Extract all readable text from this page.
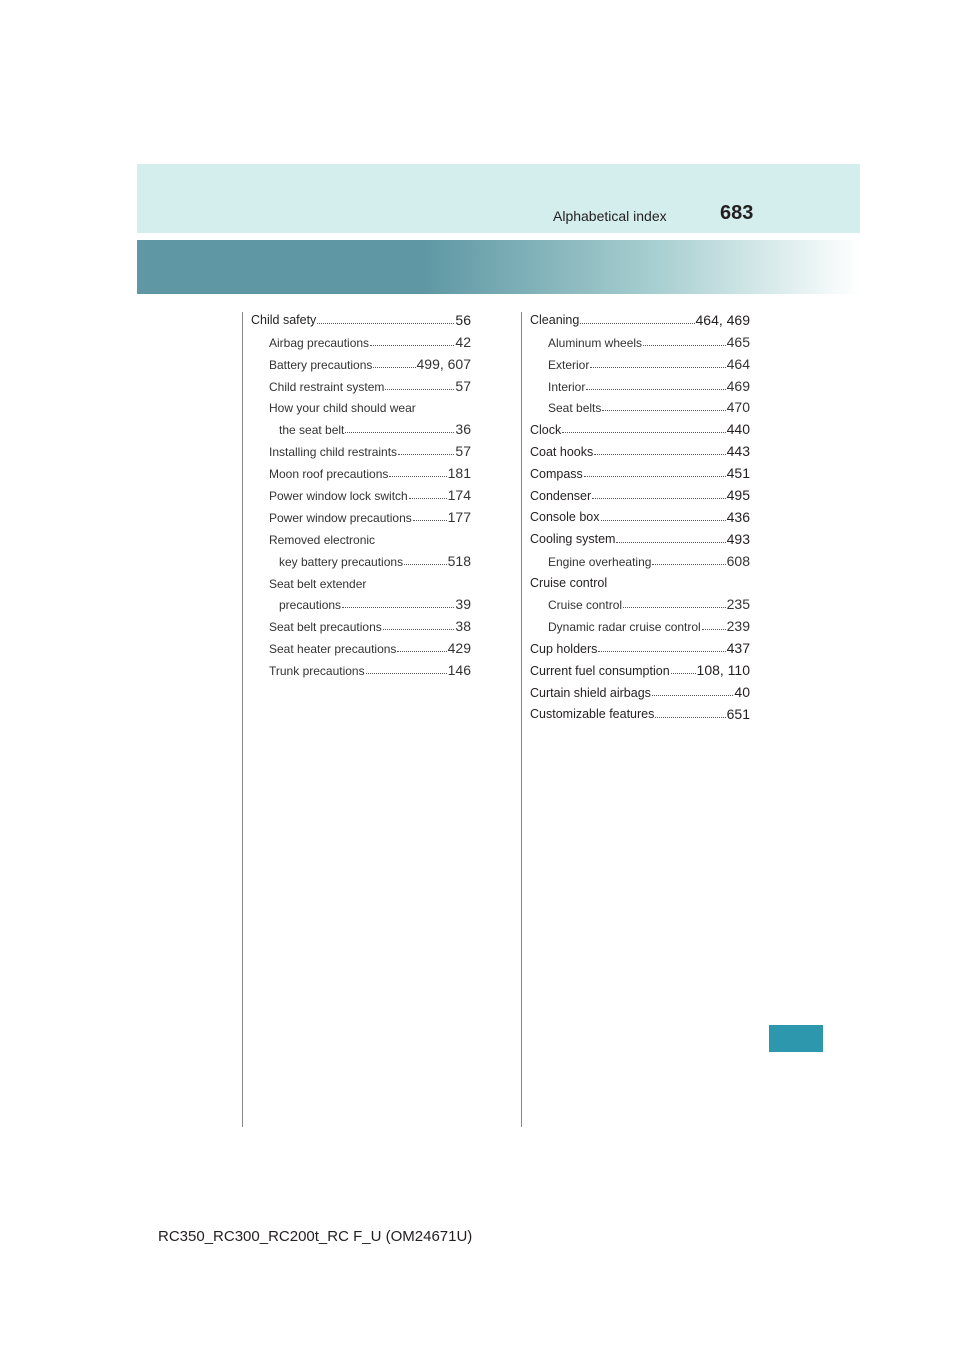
Alphabetical index	683
Child safety	56
Airbag precautions	42
Battery precautions	499, 607
Child restraint system	57
How your child should wear
the seat belt	36
Installing child restraints	57
Moon roof precautions	181
Power window lock switch	174
Power window precautions	177
Removed electronic
key battery precautions	518
Seat belt extender
precautions	39
Seat belt precautions	38
Seat heater precautions	429
Trunk precautions	146
Cleaning	464, 469
Aluminum wheels	465
Exterior	464
Interior	469
Seat belts	470
Clock	440
Coat hooks	443
Compass	451
Condenser	495
Console box	436
Cooling system	493
Engine overheating	608
Cruise control
Cruise control	235
Dynamic radar cruise control 239
Cup holders	437
Current fuel consumption 108, 110
Curtain shield airbags	40
Customizable features	651
RC350_RC300_RC200t_RC F_U (OM24671U)
